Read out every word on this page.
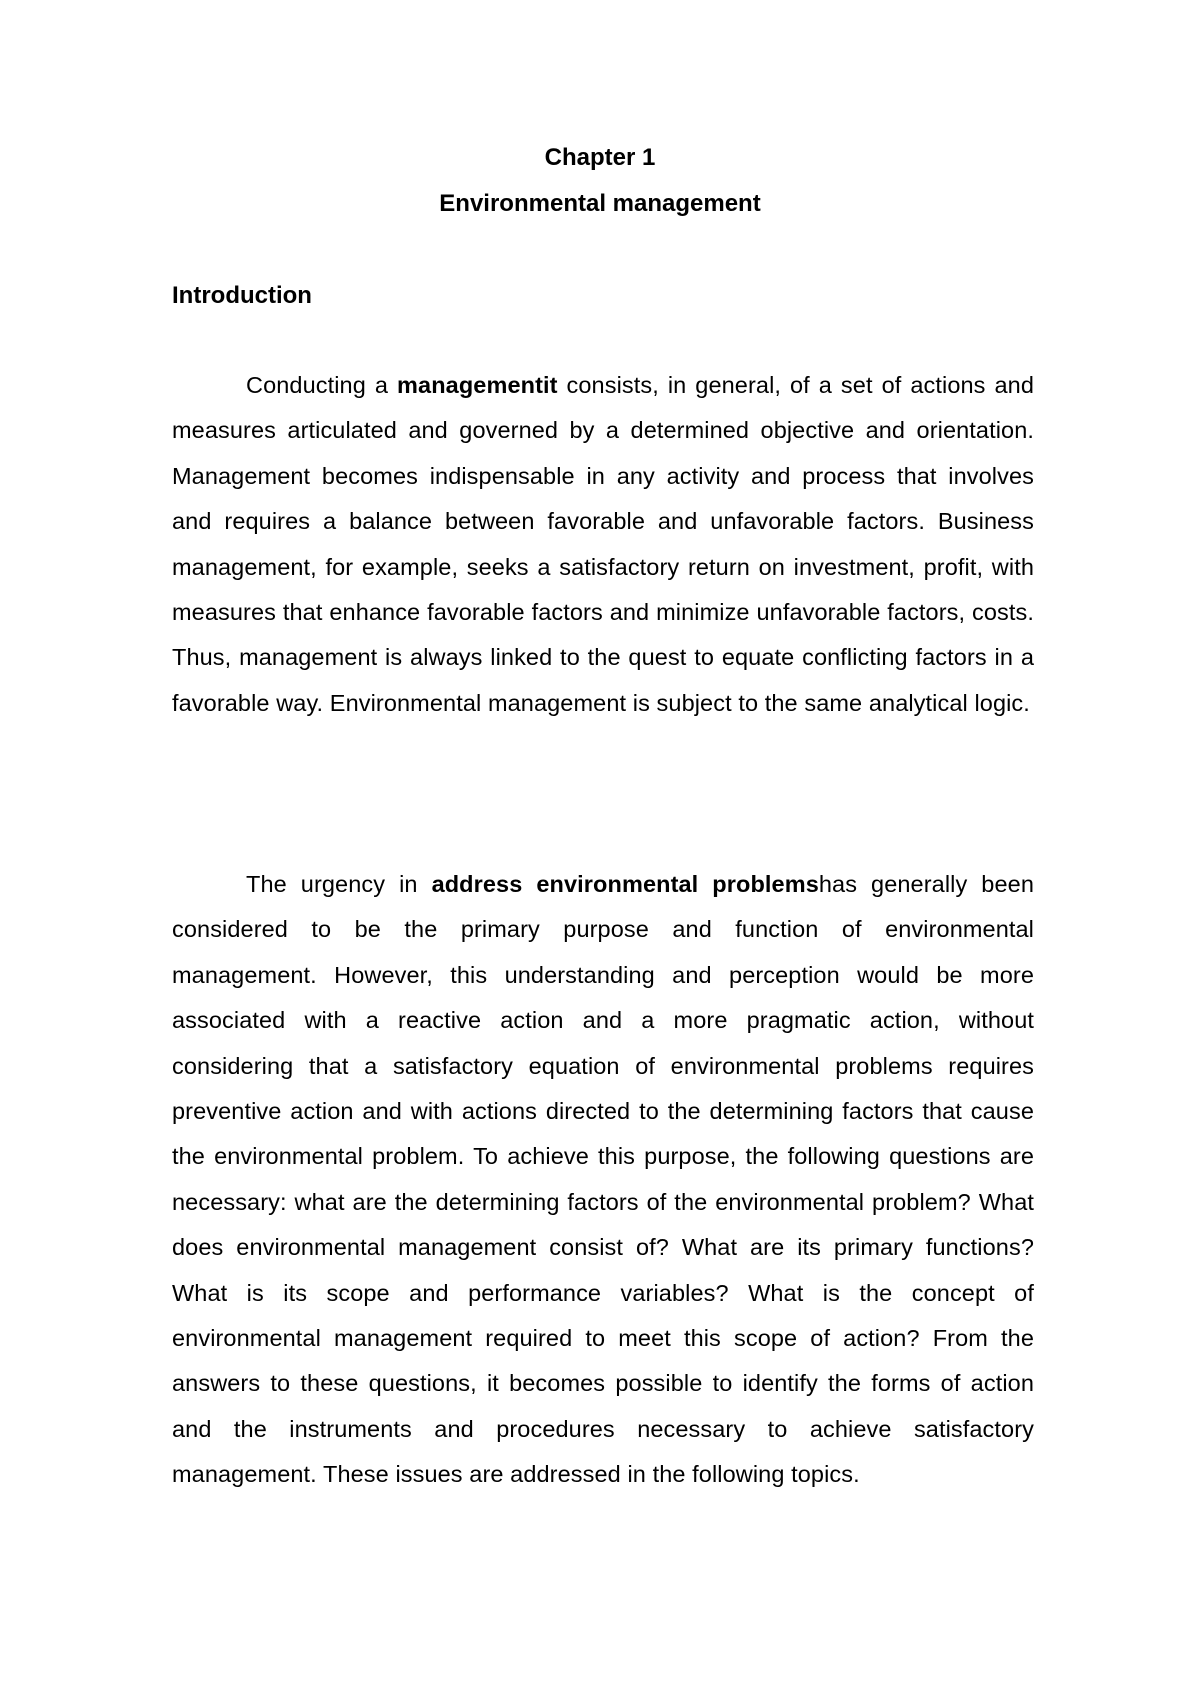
Chapter 1
Environmental management
Introduction

Conducting a managementit consists, in general, of a set of actions and measures articulated and governed by a determined objective and orientation. Management becomes indispensable in any activity and process that involves and requires a balance between favorable and unfavorable factors. Business management, for example, seeks a satisfactory return on investment, profit, with measures that enhance favorable factors and minimize unfavorable factors, costs. Thus, management is always linked to the quest to equate conflicting factors in a favorable way. Environmental management is subject to the same analytical logic.

The urgency in address environmental problemshas generally been considered to be the primary purpose and function of environmental management. However, this understanding and perception would be more associated with a reactive action and a more pragmatic action, without considering that a satisfactory equation of environmental problems requires preventive action and with actions directed to the determining factors that cause the environmental problem. To achieve this purpose, the following questions are necessary: what are the determining factors of the environmental problem? What does environmental management consist of? What are its primary functions? What is its scope and performance variables? What is the concept of environmental management required to meet this scope of action? From the answers to these questions, it becomes possible to identify the forms of action and the instruments and procedures necessary to achieve satisfactory management. These issues are addressed in the following topics.
